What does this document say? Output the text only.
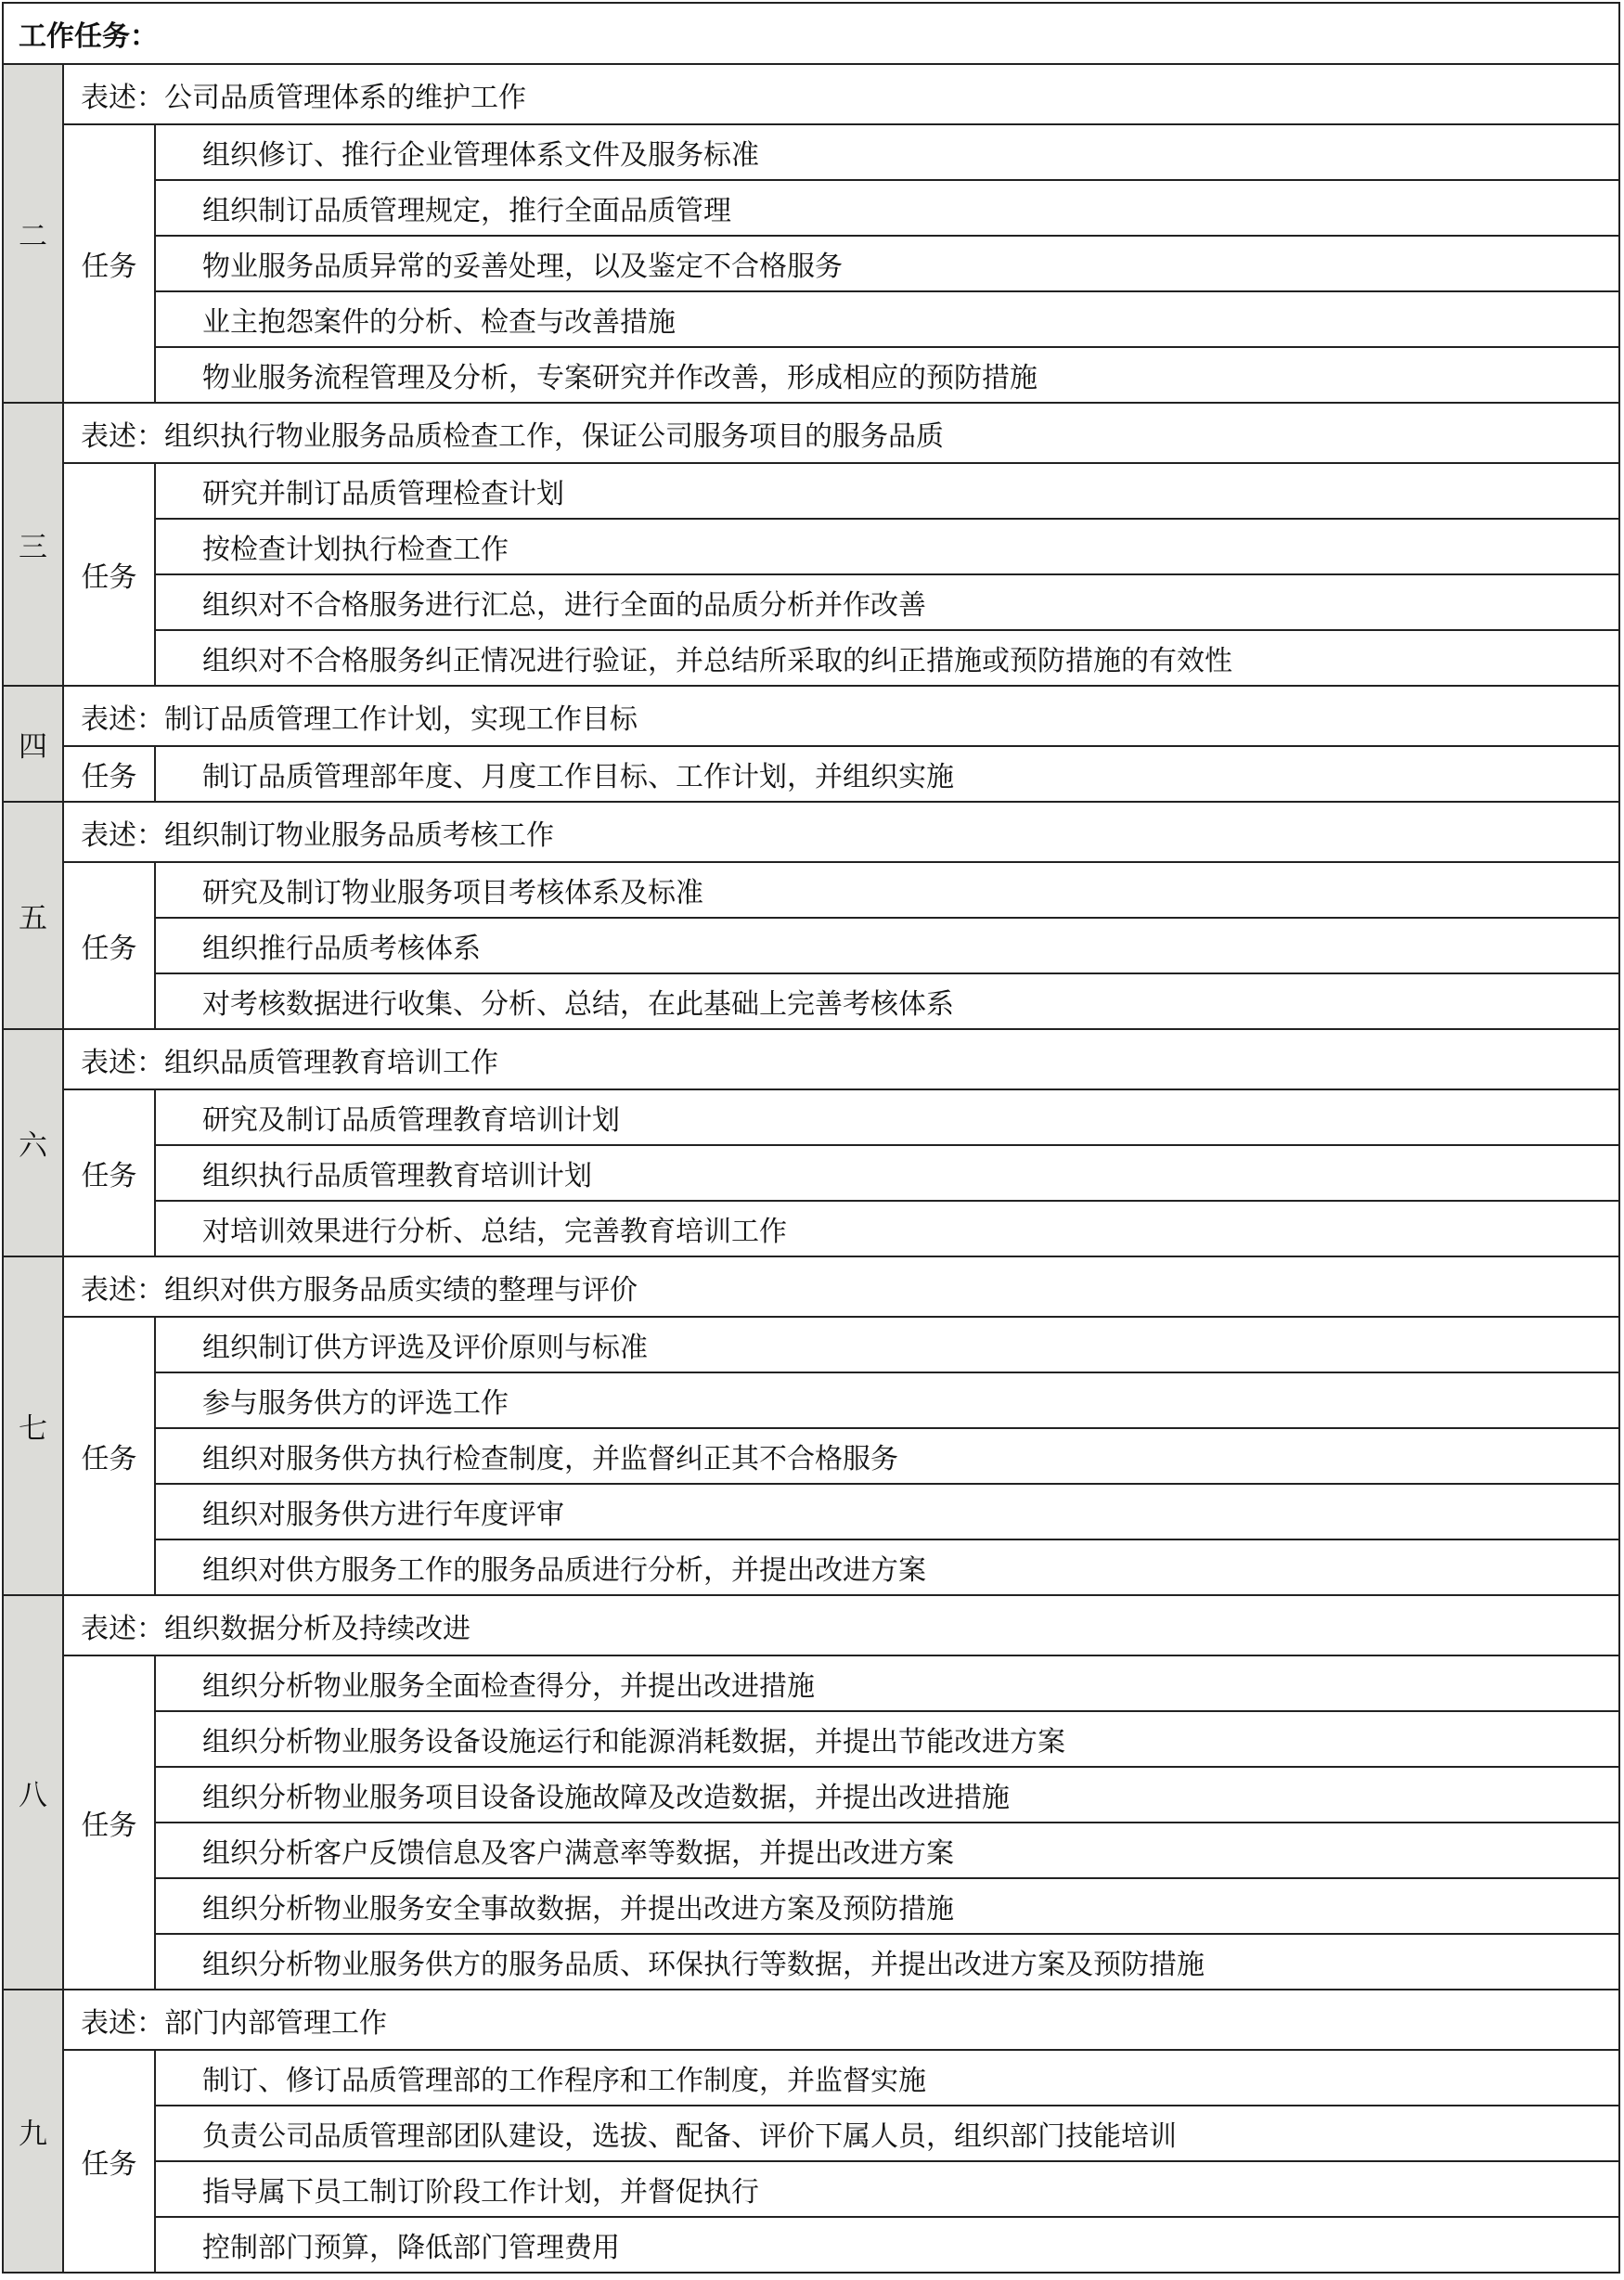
工作任务：		
二	表述：公司品质管理体系的维护工作	
	任务	组织修订、推行企业管理体系文件及服务标准
		组织制订品质管理规定，推行全面品质管理
		物业服务品质异常的妥善处理，以及鉴定不合格服务
		业主抱怨案件的分析、检查与改善措施
		物业服务流程管理及分析，专案研究并作改善，形成相应的预防措施
三	表述：组织执行物业服务品质检查工作，保证公司服务项目的服务品质	
	任务	研究并制订品质管理检查计划
		按检查计划执行检查工作
		组织对不合格服务进行汇总，进行全面的品质分析并作改善
		组织对不合格服务纠正情况进行验证，并总结所采取的纠正措施或预防措施的有效性
四	表述：制订品质管理工作计划，实现工作目标	
	任务	制订品质管理部年度、月度工作目标、工作计划，并组织实施
五	表述：组织制订物业服务品质考核工作	
	任务	研究及制订物业服务项目考核体系及标准
		组织推行品质考核体系
		对考核数据进行收集、分析、总结，在此基础上完善考核体系
六	表述：组织品质管理教育培训工作	
	任务	研究及制订品质管理教育培训计划
		组织执行品质管理教育培训计划
		对培训效果进行分析、总结，完善教育培训工作
七	表述：组织对供方服务品质实绩的整理与评价	
	任务	组织制订供方评选及评价原则与标准
		参与服务供方的评选工作
		组织对服务供方执行检查制度，并监督纠正其不合格服务
		组织对服务供方进行年度评审
		组织对供方服务工作的服务品质进行分析，并提出改进方案
八	表述：组织数据分析及持续改进	
	任务	组织分析物业服务全面检查得分，并提出改进措施
		组织分析物业服务设备设施运行和能源消耗数据，并提出节能改进方案
		组织分析物业服务项目设备设施故障及改造数据，并提出改进措施
		组织分析客户反馈信息及客户满意率等数据，并提出改进方案
		组织分析物业服务安全事故数据，并提出改进方案及预防措施
		组织分析物业服务供方的服务品质、环保执行等数据，并提出改进方案及预防措施
九	表述：部门内部管理工作	
	任务	制订、修订品质管理部的工作程序和工作制度，并监督实施
		负责公司品质管理部团队建设，选拔、配备、评价下属人员，组织部门技能培训
		指导属下员工制订阶段工作计划，并督促执行
		控制部门预算，降低部门管理费用
